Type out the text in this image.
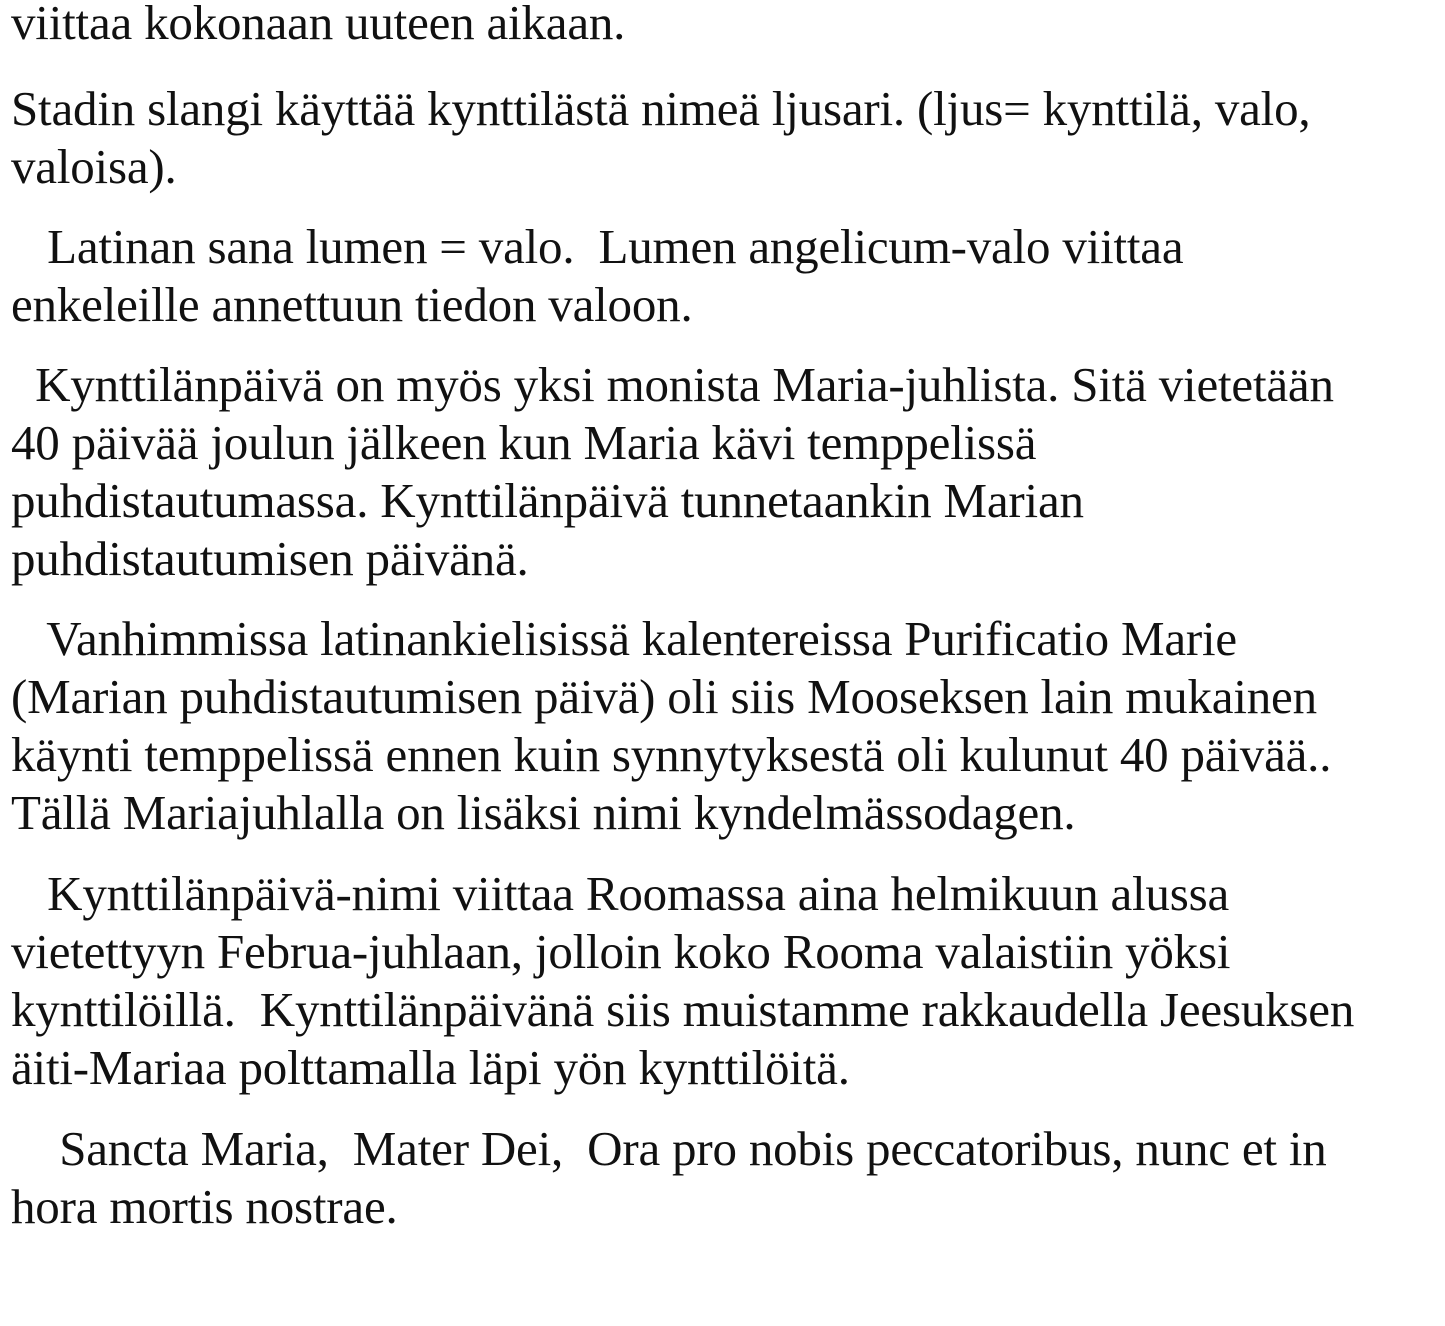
viittaa kokonaan uuteen aikaan.

Stadin slangi käyttää kynttilästä nimeä ljusari. (ljus= kynttilä, valo,

valoisa).

Latinan sana lumen = valo.  Lumen angelicum-valo viittaa

enkeleille annettuun tiedon valoon.

Kynttilänpäivä on myös yksi monista Maria-juhlista. Sitä vietetään

40 päivää joulun jälkeen kun Maria kävi temppelissä

puhdistautumassa. Kynttilänpäivä tunnetaankin Marian

puhdistautumisen päivänä.

Vanhimmissa latinankielisissä kalentereissa Purificatio Marie

(Marian puhdistautumisen päivä) oli siis Mooseksen lain mukainen

käynti temppelissä ennen kuin synnytyksestä oli kulunut 40 päivää..

Tällä Mariajuhlalla on lisäksi nimi kyndelmässodagen.

Kynttilänpäivä-nimi viittaa Roomassa aina helmikuun alussa

vietettyyn Februa-juhlaan, jolloin koko Rooma valaistiin yöksi

kynttilöillä.  Kynttilänpäivänä siis muistamme rakkaudella Jeesuksen

äiti-Mariaa polttamalla läpi yön kynttilöitä.

Sancta Maria,  Mater Dei,  Ora pro nobis peccatoribus, nunc et in

hora mortis nostrae.
